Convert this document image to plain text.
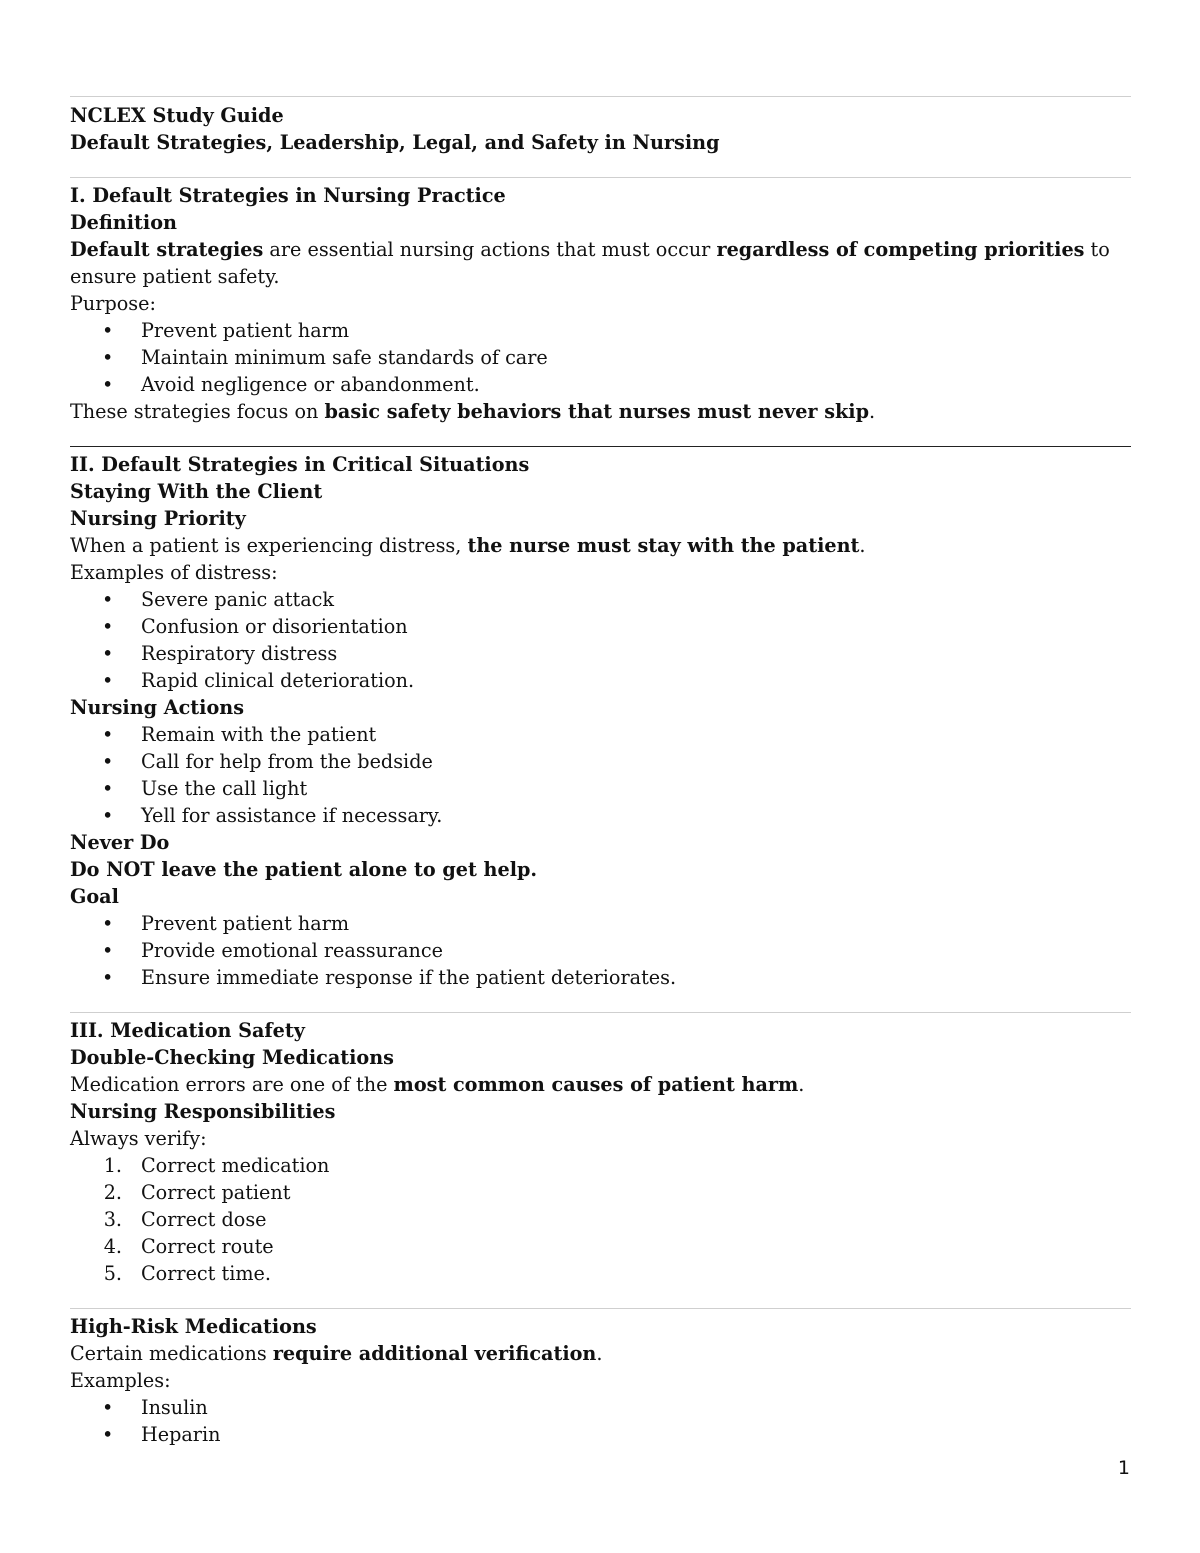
NCLEX Study Guide

Default Strategies, Leadership, Legal, and Safety in Nursing

I. Default Strategies in Nursing Practice

Definition

Default strategies are essential nursing actions that must occur regardless of competing priorities to ensure patient safety.

Purpose:

• Prevent patient harm
• Maintain minimum safe standards of care
• Avoid negligence or abandonment.

These strategies focus on basic safety behaviors that nurses must never skip.

II. Default Strategies in Critical Situations

Staying With the Client

Nursing Priority

When a patient is experiencing distress, the nurse must stay with the patient.

Examples of distress:

• Severe panic attack
• Confusion or disorientation
• Respiratory distress
• Rapid clinical deterioration.

Nursing Actions

• Remain with the patient
• Call for help from the bedside
• Use the call light
• Yell for assistance if necessary.

Never Do

Do NOT leave the patient alone to get help.

Goal

• Prevent patient harm
• Provide emotional reassurance
• Ensure immediate response if the patient deteriorates.

III. Medication Safety

Double-Checking Medications

Medication errors are one of the most common causes of patient harm.

Nursing Responsibilities

Always verify:

1. Correct medication
2. Correct patient
3. Correct dose
4. Correct route
5. Correct time.

High-Risk Medications

Certain medications require additional verification.

Examples:

• Insulin
• Heparin
1
